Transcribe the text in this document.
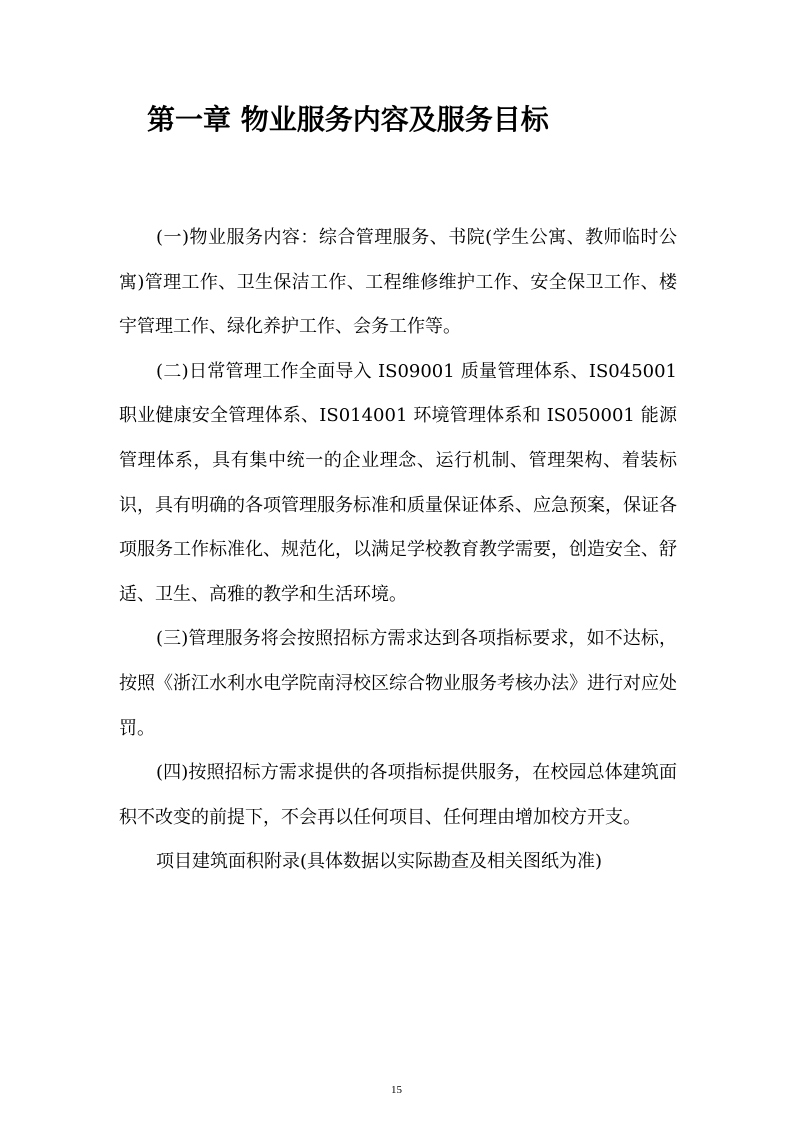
第一章 物业服务内容及服务目标

(一)物业服务内容：综合管理服务、书院(学生公寓、教师临时公寓)管理工作、卫生保洁工作、工程维修维护工作、安全保卫工作、楼宇管理工作、绿化养护工作、会务工作等。

(二)日常管理工作全面导入 IS09001 质量管理体系、IS045001 职业健康安全管理体系、IS014001 环境管理体系和 IS050001 能源管理体系，具有集中统一的企业理念、运行机制、管理架构、着装标识，具有明确的各项管理服务标准和质量保证体系、应急预案，保证各项服务工作标准化、规范化，以满足学校教育教学需要，创造安全、舒适、卫生、高雅的教学和生活环境。

(三)管理服务将会按照招标方需求达到各项指标要求，如不达标，按照《浙江水利水电学院南浔校区综合物业服务考核办法》进行对应处罚。

(四)按照招标方需求提供的各项指标提供服务，在校园总体建筑面积不改变的前提下，不会再以任何项目、任何理由增加校方开支。

项目建筑面积附录(具体数据以实际勘查及相关图纸为准)

15
